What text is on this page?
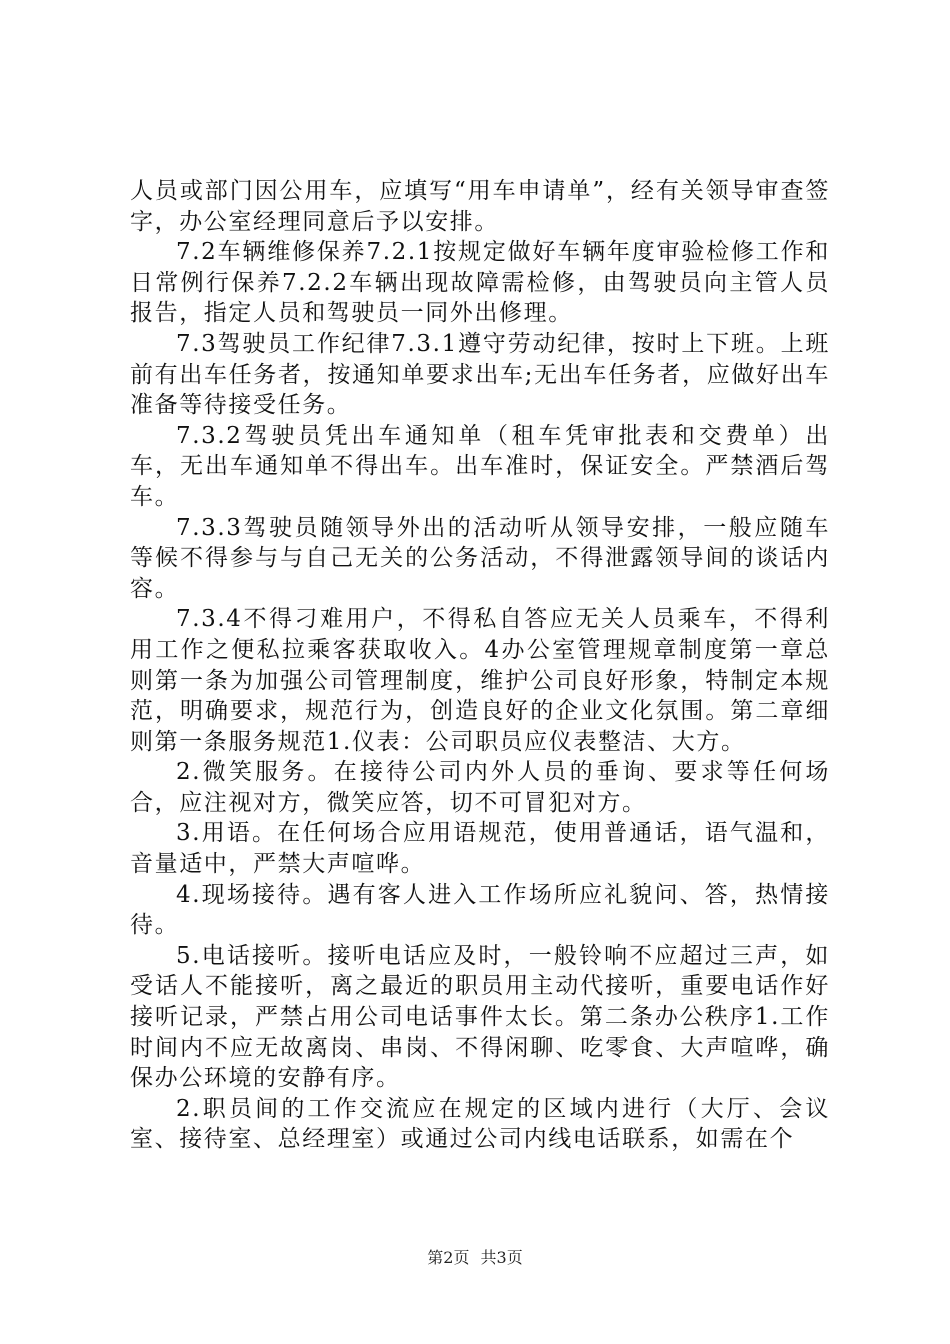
人员或部门因公用车，应填写“用车申请单”，经有关领导审查签字，办公室经理同意后予以安排。

7.2车辆维修保养7.2.1按规定做好车辆年度审验检修工作和日常例行保养7.2.2车辆出现故障需检修，由驾驶员向主管人员报告，指定人员和驾驶员一同外出修理。

7.3驾驶员工作纪律7.3.1遵守劳动纪律，按时上下班。上班前有出车任务者，按通知单要求出车;无出车任务者，应做好出车准备等待接受任务。

7.3.2驾驶员凭出车通知单（租车凭审批表和交费单）出车，无出车通知单不得出车。出车准时，保证安全。严禁酒后驾车。

7.3.3驾驶员随领导外出的活动听从领导安排，一般应随车等候不得参与与自己无关的公务活动，不得泄露领导间的谈话内容。

7.3.4不得刁难用户，不得私自答应无关人员乘车，不得利用工作之便私拉乘客获取收入。4办公室管理规章制度第一章总则第一条为加强公司管理制度，维护公司良好形象，特制定本规范，明确要求，规范行为，创造良好的企业文化氛围。第二章细则第一条服务规范1.仪表：公司职员应仪表整洁、大方。

2.微笑服务。在接待公司内外人员的垂询、要求等任何场合，应注视对方，微笑应答，切不可冒犯对方。

3.用语。在任何场合应用语规范，使用普通话，语气温和，音量适中，严禁大声喧哗。

4.现场接待。遇有客人进入工作场所应礼貌问、答，热情接待。

5.电话接听。接听电话应及时，一般铃响不应超过三声，如受话人不能接听，离之最近的职员用主动代接听，重要电话作好接听记录，严禁占用公司电话事件太长。第二条办公秩序1.工作时间内不应无故离岗、串岗、不得闲聊、吃零食、大声喧哗，确保办公环境的安静有序。

2.职员间的工作交流应在规定的区域内进行（大厅、会议室、接待室、总经理室）或通过公司内线电话联系，如需在个

第2页 共3页
